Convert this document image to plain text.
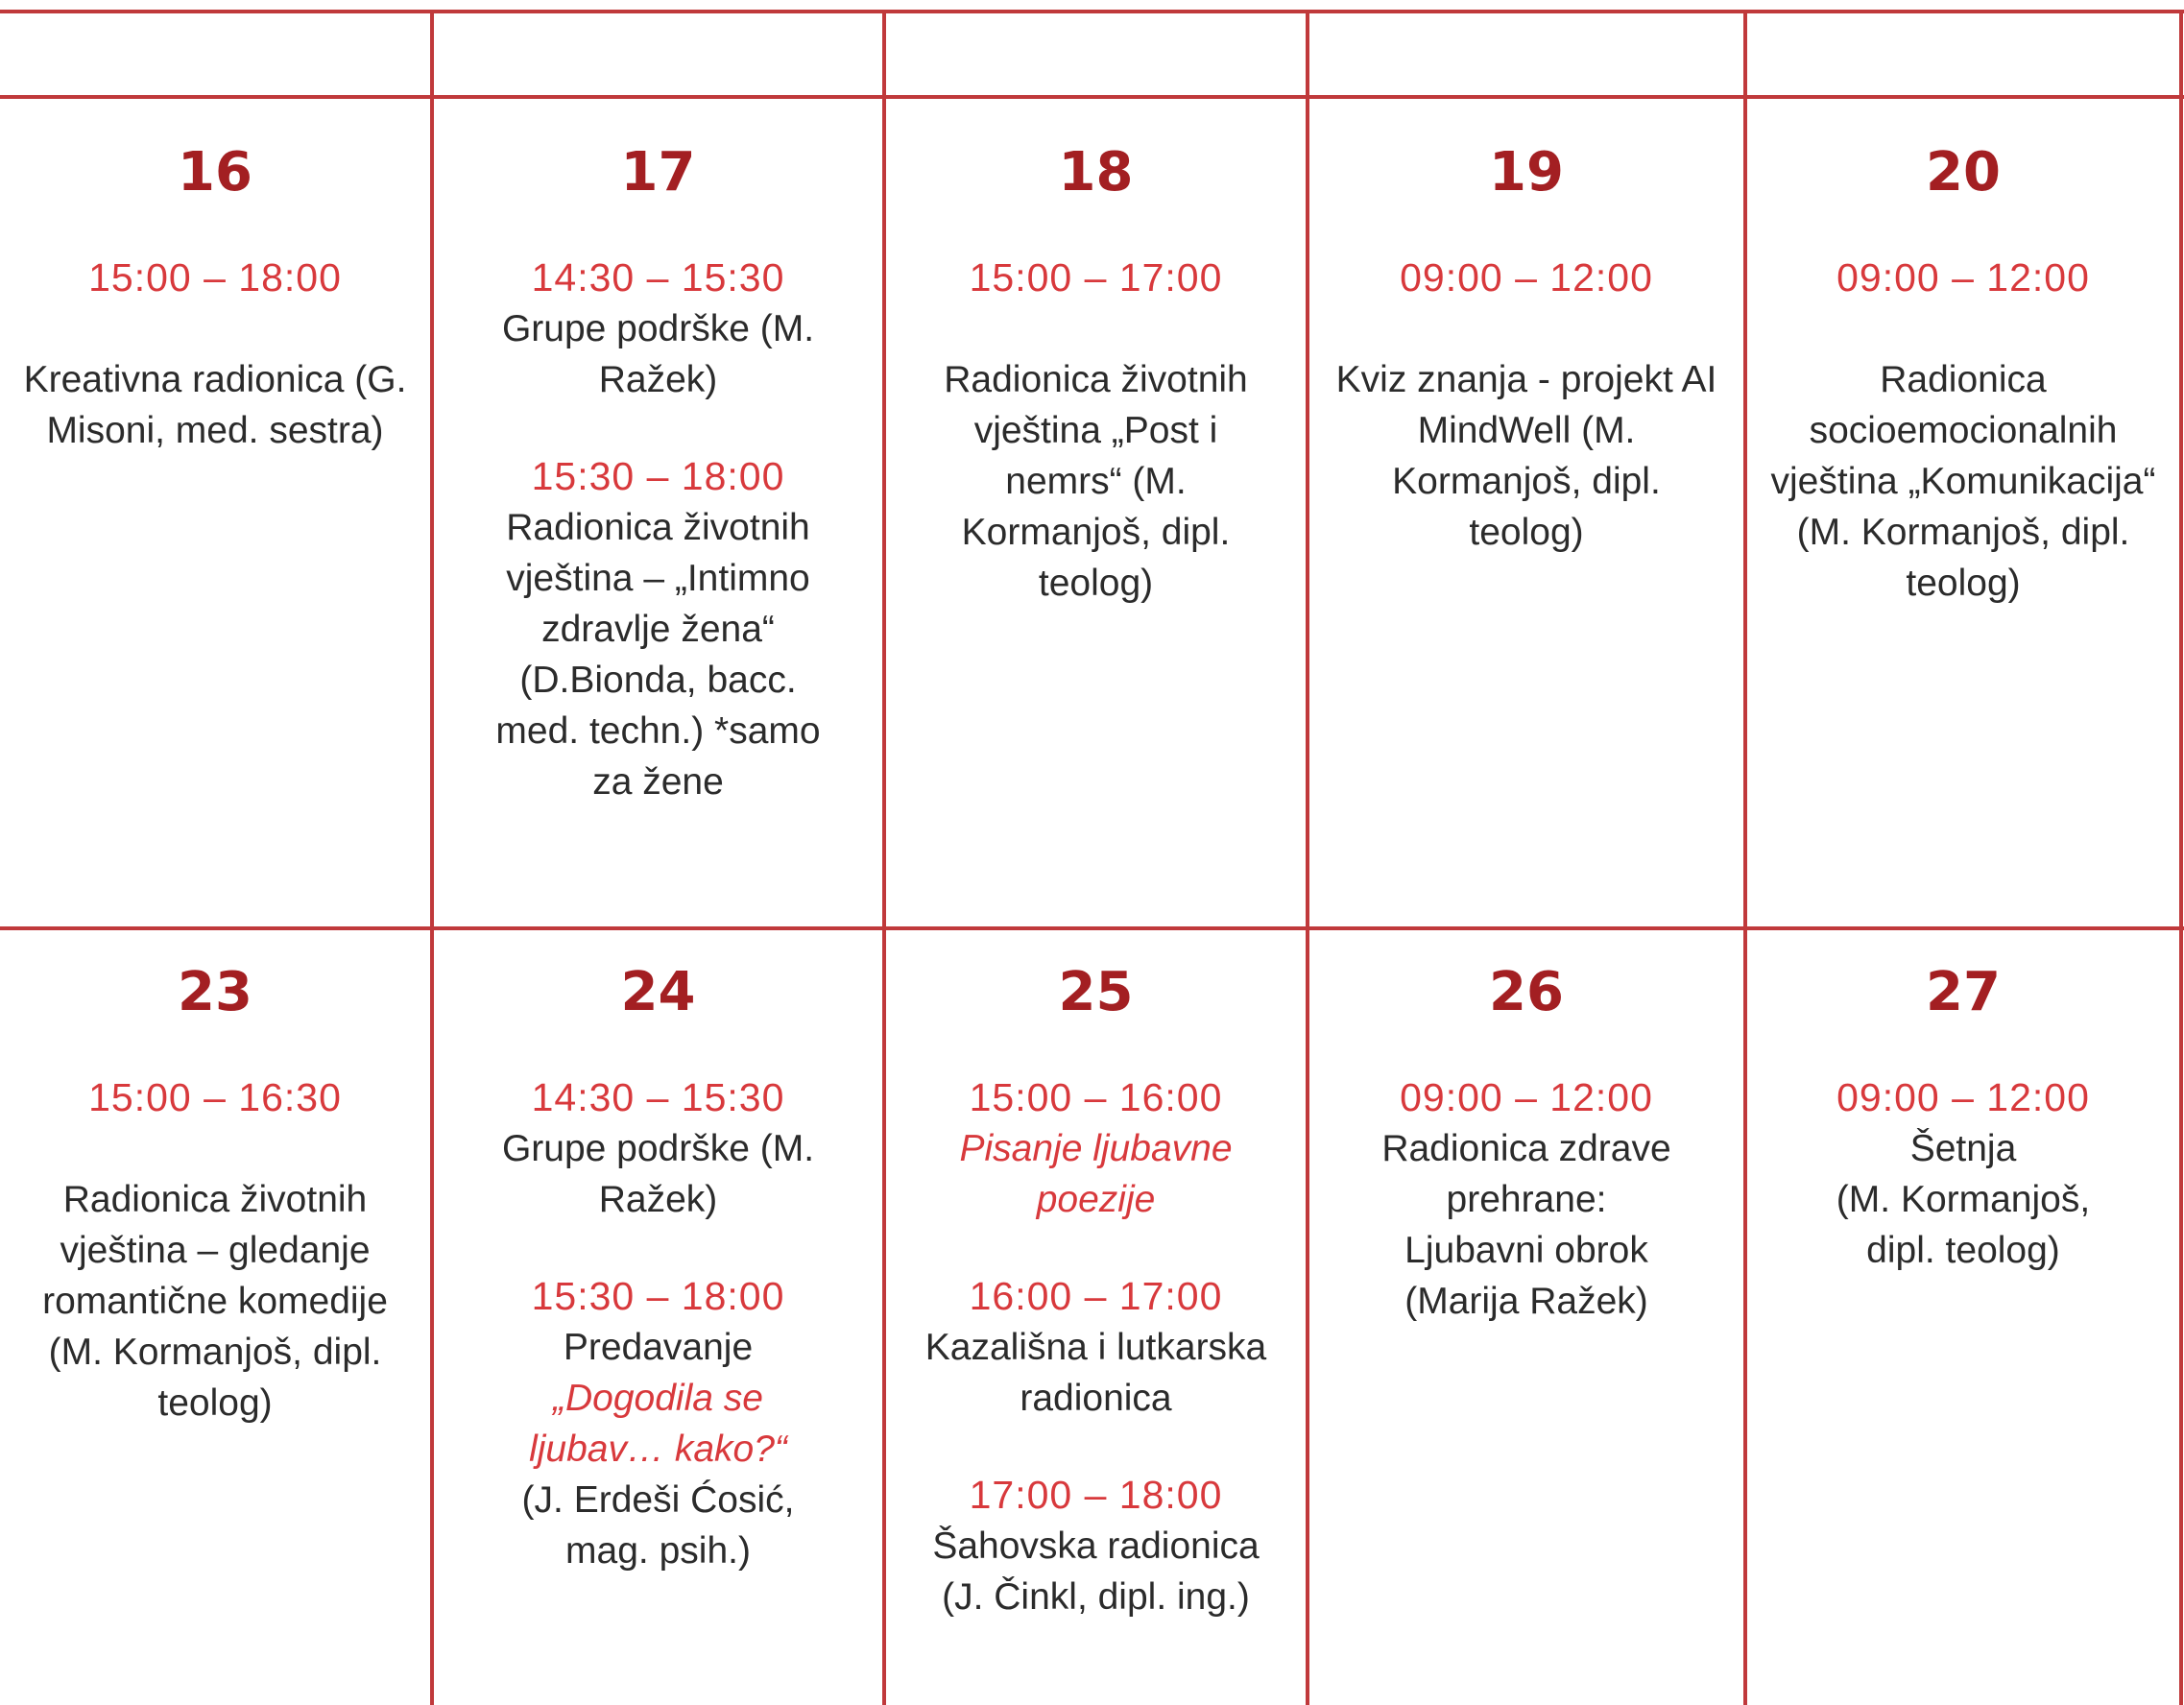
16
15:00 – 18:00
Kreativna radionica (G. Misoni, med. sestra)
17
14:30 – 15:30
Grupe podrške (M. Ražek)
15:30 – 18:00
Radionica životnih vještina – „Intimno zdravlje žena“ (D.Bionda, bacc. med. techn.) *samo za žene
18
15:00 – 17:00
Radionica životnih vještina „Post i nemrs“ (M. Kormanjoš, dipl. teolog)
19
09:00 – 12:00
Kviz znanja - projekt AI MindWell (M. Kormanjoš, dipl. teolog)
20
09:00 – 12:00
Radionica socioemocionalnih vještina „Komunikacija“ (M. Kormanjoš, dipl. teolog)
23
15:00 – 16:30
Radionica životnih vještina – gledanje romantične komedije (M. Kormanjoš, dipl. teolog)
24
14:30 – 15:30
Grupe podrške (M. Ražek)
15:30 – 18:00
Predavanje
„Dogodila se ljubav… kako?“
(J. Erdeši Ćosić, mag. psih.)
25
15:00 – 16:00
Pisanje ljubavne poezije
16:00 – 17:00
Kazališna i lutkarska radionica
17:00 – 18:00
Šahovska radionica (J. Činkl, dipl. ing.)
26
09:00 – 12:00
Radionica zdrave prehrane: Ljubavni obrok (Marija Ražek)
27
09:00 – 12:00
Šetnja
(M. Kormanjoš, dipl. teolog)
